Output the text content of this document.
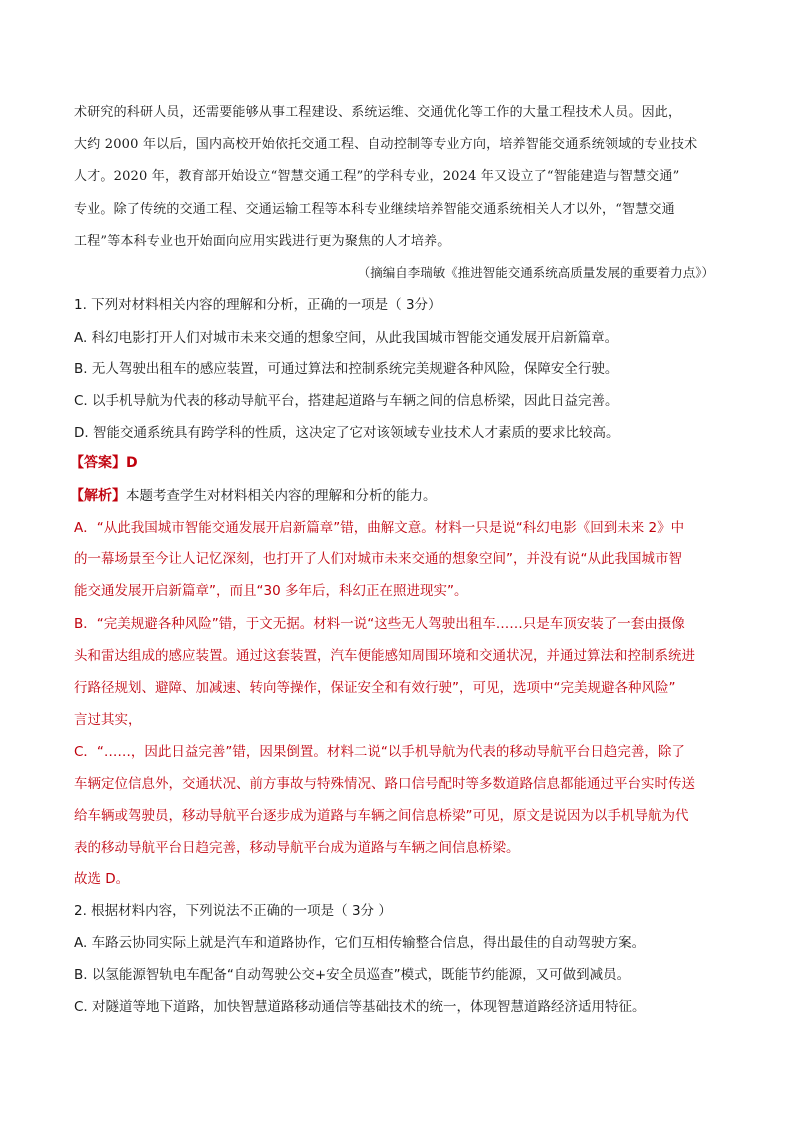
术研究的科研人员，还需要能够从事工程建设、系统运维、交通优化等工作的大量工程技术人员。因此，
大约 2000 年以后，国内高校开始依托交通工程、自动控制等专业方向，培养智能交通系统领域的专业技术
人才。2020 年，教育部开始设立“智慧交通工程”的学科专业，2024 年又设立了“智能建造与智慧交通”
专业。除了传统的交通工程、交通运输工程等本科专业继续培养智能交通系统相关人才以外，“智慧交通
工程”等本科专业也开始面向应用实践进行更为聚焦的人才培养。
（摘编自李瑞敏《推进智能交通系统高质量发展的重要着力点》）
1. 下列对材料相关内容的理解和分析，正确的一项是（ 3分）
A. 科幻电影打开人们对城市未来交通的想象空间，从此我国城市智能交通发展开启新篇章。
B. 无人驾驶出租车的感应装置，可通过算法和控制系统完美规避各种风险，保障安全行驶。
C. 以手机导航为代表的移动导航平台，搭建起道路与车辆之间的信息桥梁，因此日益完善。
D. 智能交通系统具有跨学科的性质，这决定了它对该领域专业技术人才素质的要求比较高。
【答案】D
【解析】本题考查学生对材料相关内容的理解和分析的能力。
A．“从此我国城市智能交通发展开启新篇章”错，曲解文意。材料一只是说“科幻电影《回到未来 2》中
的一幕场景至今让人记忆深刻，也打开了人们对城市未来交通的想象空间”，并没有说“从此我国城市智
能交通发展开启新篇章”，而且“30 多年后，科幻正在照进现实”。
B．“完美规避各种风险”错，于文无据。材料一说“这些无人驾驶出租车……只是车顶安装了一套由摄像
头和雷达组成的感应装置。通过这套装置，汽车便能感知周围环境和交通状况，并通过算法和控制系统进
行路径规划、避障、加减速、转向等操作，保证安全和有效行驶”，可见，选项中“完美规避各种风险”
言过其实，
C．“……，因此日益完善”错，因果倒置。材料二说“以手机导航为代表的移动导航平台日趋完善，除了
车辆定位信息外，交通状况、前方事故与特殊情况、路口信号配时等多数道路信息都能通过平台实时传送
给车辆或驾驶员，移动导航平台逐步成为道路与车辆之间信息桥梁”可见，原文是说因为以手机导航为代
表的移动导航平台日趋完善，移动导航平台成为道路与车辆之间信息桥梁。
故选 D。
2. 根据材料内容，下列说法不正确的一项是（ 3分 ）
A. 车路云协同实际上就是汽车和道路协作，它们互相传输整合信息，得出最佳的自动驾驶方案。
B. 以氢能源智轨电车配备“自动驾驶公交+安全员巡查”模式，既能节约能源，又可做到减员。
C. 对隧道等地下道路，加快智慧道路移动通信等基础技术的统一，体现智慧道路经济适用特征。
